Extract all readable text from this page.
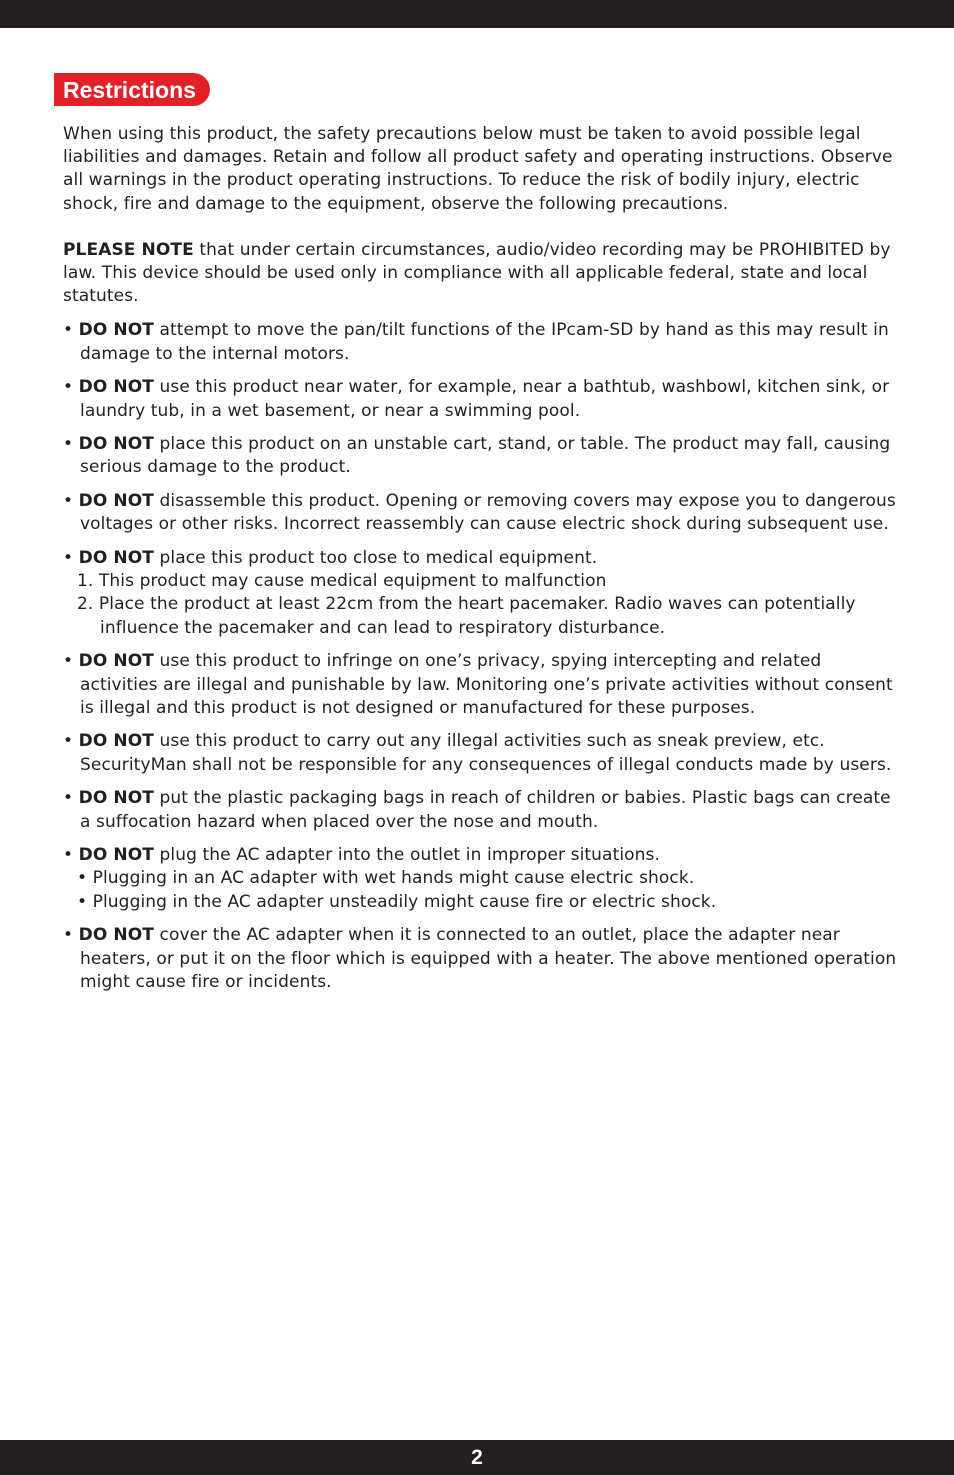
Restrictions

When using this product, the safety precautions below must be taken to avoid possible legal liabilities and damages. Retain and follow all product safety and operating instructions. Observe all warnings in the product operating instructions. To reduce the risk of bodily injury, electric shock, fire and damage to the equipment, observe the following precautions.

PLEASE NOTE that under certain circumstances, audio/video recording may be PROHIBITED by law. This device should be used only in compliance with all applicable federal, state and local statutes.

• DO NOT attempt to move the pan/tilt functions of the IPcam-SD by hand as this may result in damage to the internal motors.

• DO NOT use this product near water, for example, near a bathtub, washbowl, kitchen sink, or laundry tub, in a wet basement, or near a swimming pool.

• DO NOT place this product on an unstable cart, stand, or table. The product may fall, causing serious damage to the product.

• DO NOT disassemble this product. Opening or removing covers may expose you to dangerous voltages or other risks. Incorrect reassembly can cause electric shock during subsequent use.

• DO NOT place this product too close to medical equipment.
1. This product may cause medical equipment to malfunction
2. Place the product at least 22cm from the heart pacemaker. Radio waves can potentially influence the pacemaker and can lead to respiratory disturbance.

• DO NOT use this product to infringe on one’s privacy, spying intercepting and related activities are illegal and punishable by law. Monitoring one’s private activities without consent is illegal and this product is not designed or manufactured for these purposes.

• DO NOT use this product to carry out any illegal activities such as sneak preview, etc. SecurityMan shall not be responsible for any consequences of illegal conducts made by users.

• DO NOT put the plastic packaging bags in reach of children or babies. Plastic bags can create a suffocation hazard when placed over the nose and mouth.

• DO NOT plug the AC adapter into the outlet in improper situations.
• Plugging in an AC adapter with wet hands might cause electric shock.
• Plugging in the AC adapter unsteadily might cause fire or electric shock.

• DO NOT cover the AC adapter when it is connected to an outlet, place the adapter near heaters, or put it on the floor which is equipped with a heater. The above mentioned operation might cause fire or incidents.

2
